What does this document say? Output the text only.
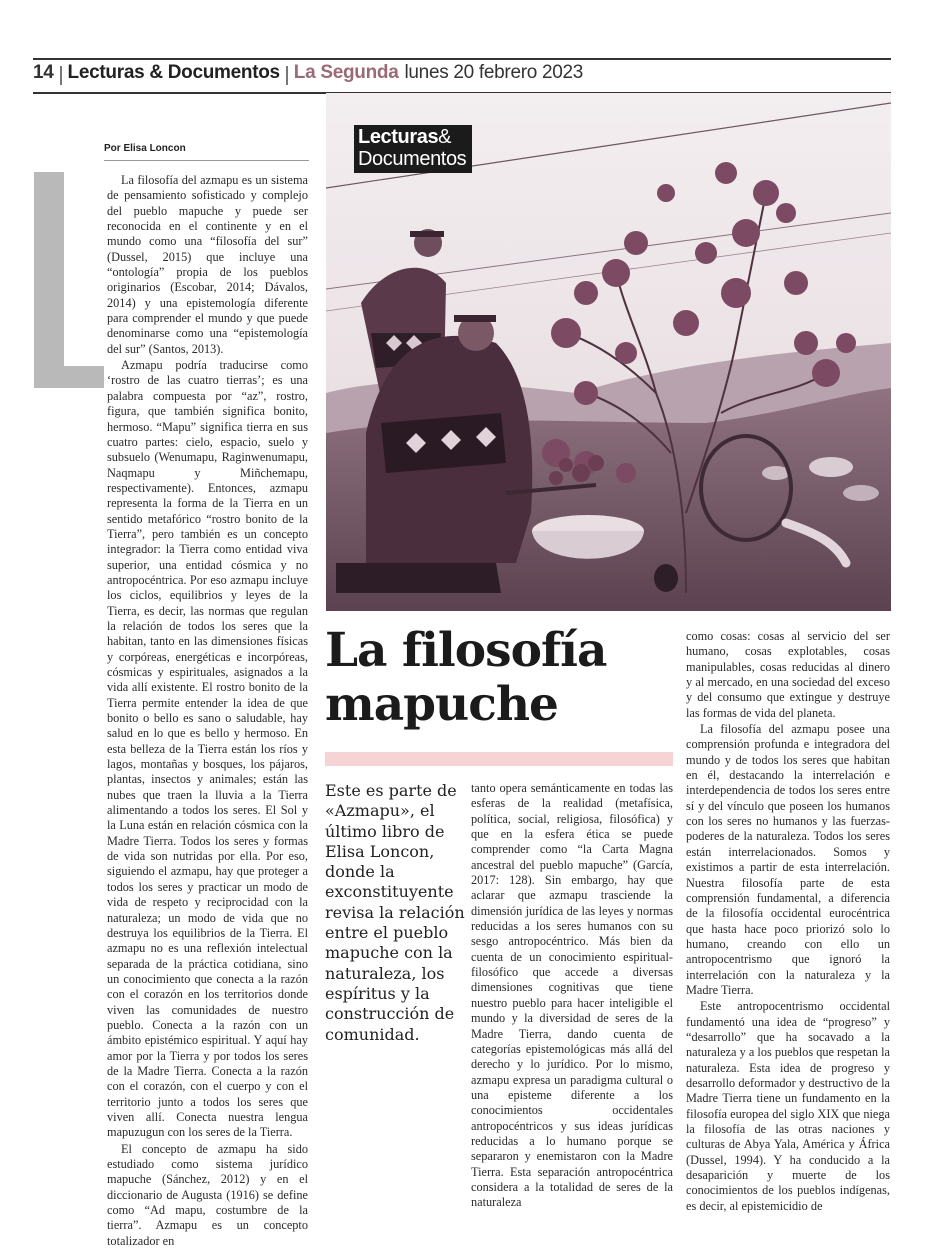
14 Lecturas & Documentos La Segunda lunes 20 febrero 2023
Por Elisa Loncon

La filosofía del azmapu es un sistema de pensamiento sofisticado y complejo del pueblo mapuche y puede ser reconocida en el continente y en el mundo como una “filosofía del sur” (Dussel, 2015) que incluye una “ontología” propia de los pueblos originarios (Escobar, 2014; Dávalos, 2014) y una epistemología diferente para comprender el mundo y que puede denominarse como una “epistemología del sur” (Santos, 2013).

Azmapu podría traducirse como ‘rostro de las cuatro tierras’; es una palabra compuesta por “az”, rostro, figura, que también significa bonito, hermoso. “Mapu” significa tierra en sus cuatro partes: cielo, espacio, suelo y subsuelo (Wenumapu, Raginwenumapu, Naqmapu y Miñchemapu, respectivamente). Entonces, azmapu representa la forma de la Tierra en un sentido metafórico “rostro bonito de la Tierra”, pero también es un concepto integrador: la Tierra como entidad viva superior, una entidad cósmica y no antropocéntrica. Por eso azmapu incluye los ciclos, equilibrios y leyes de la Tierra, es decir, las normas que regulan la relación de todos los seres que la habitan, tanto en las dimensiones físicas y corpóreas, energéticas e incorpóreas, cósmicas y espirituales, asignados a la vida allí existente. El rostro bonito de la Tierra permite entender la idea de que bonito o bello es sano o saludable, hay salud en lo que es bello y hermoso. En esta belleza de la Tierra están los ríos y lagos, montañas y bosques, los pájaros, plantas, insectos y animales; están las nubes que traen la lluvia a la Tierra alimentando a todos los seres. El Sol y la Luna están en relación cósmica con la Madre Tierra. Todos los seres y formas de vida son nutridas por ella. Por eso, siguiendo el azmapu, hay que proteger a todos los seres y practicar un modo de vida de respeto y reciprocidad con la naturaleza; un modo de vida que no destruya los equilibrios de la Tierra. El azmapu no es una reflexión intelectual separada de la práctica cotidiana, sino un conocimiento que conecta a la razón con el corazón en los territorios donde viven las comunidades de nuestro pueblo. Conecta a la razón con un ámbito epistémico espiritual. Y aquí hay amor por la Tierra y por todos los seres de la Madre Tierra. Conecta a la razón con el corazón, con el cuerpo y con el territorio junto a todos los seres que viven allí. Conecta nuestra lengua mapuzugun con los seres de la Tierra.

El concepto de azmapu ha sido estudiado como sistema jurídico mapuche (Sánchez, 2012) y en el diccionario de Augusta (1916) se define como “Ad mapu, costumbre de la tierra”. Azmapu es un concepto totalizador en

Lecturas&
Documentos
La filosofía mapuche
Este es parte de «Azmapu», el último libro de Elisa Loncon, donde la exconstituyente revisa la relación entre el pueblo mapuche con la naturaleza, los espíritus y la construcción de comunidad.

tanto opera semánticamente en todas las esferas de la realidad (metafísica, política, social, religiosa, filosófica) y que en la esfera ética se puede comprender como “la Carta Magna ancestral del pueblo mapuche” (García, 2017: 128). Sin embargo, hay que aclarar que azmapu trasciende la dimensión jurídica de las leyes y normas reducidas a los seres humanos con su sesgo antropocéntrico. Más bien da cuenta de un conocimiento espiritual-filosófico que accede a diversas dimensiones cognitivas que tiene nuestro pueblo para hacer inteligible el mundo y la diversidad de seres de la Madre Tierra, dando cuenta de categorías epistemológicas más allá del derecho y lo jurídico. Por lo mismo, azmapu expresa un paradigma cultural o una episteme diferente a los conocimientos occidentales antropocéntricos y sus ideas jurídicas reducidas a lo humano porque se separaron y enemistaron con la Madre Tierra. Esta separación antropocéntrica considera a la totalidad de seres de la naturaleza

como cosas: cosas al servicio del ser humano, cosas explotables, cosas manipulables, cosas reducidas al dinero y al mercado, en una sociedad del exceso y del consumo que extingue y destruye las formas de vida del planeta.

La filosofía del azmapu posee una comprensión profunda e integradora del mundo y de todos los seres que habitan en él, destacando la interrelación e interdependencia de todos los seres entre sí y del vínculo que poseen los humanos con los seres no humanos y las fuerzas- poderes de la naturaleza. Todos los seres están interrelacionados. Somos y existimos a partir de esta interrelación. Nuestra filosofía parte de esta comprensión fundamental, a diferencia de la filosofía occidental eurocéntrica que hasta hace poco priorizó solo lo humano, creando con ello un antropocentrismo que ignoró la interrelación con la naturaleza y la Madre Tierra.

Este antropocentrismo occidental fundamentó una idea de “progreso” y “desarrollo” que ha socavado a la naturaleza y a los pueblos que respetan la naturaleza. Esta idea de progreso y desarrollo deformador y destructivo de la Madre Tierra tiene un fundamento en la filosofía europea del siglo XIX que niega la filosofía de las otras naciones y culturas de Abya Yala, América y África (Dussel, 1994). Y ha conducido a la desaparición y muerte de los conocimientos de los pueblos indígenas, es decir, al epistemicidio de
